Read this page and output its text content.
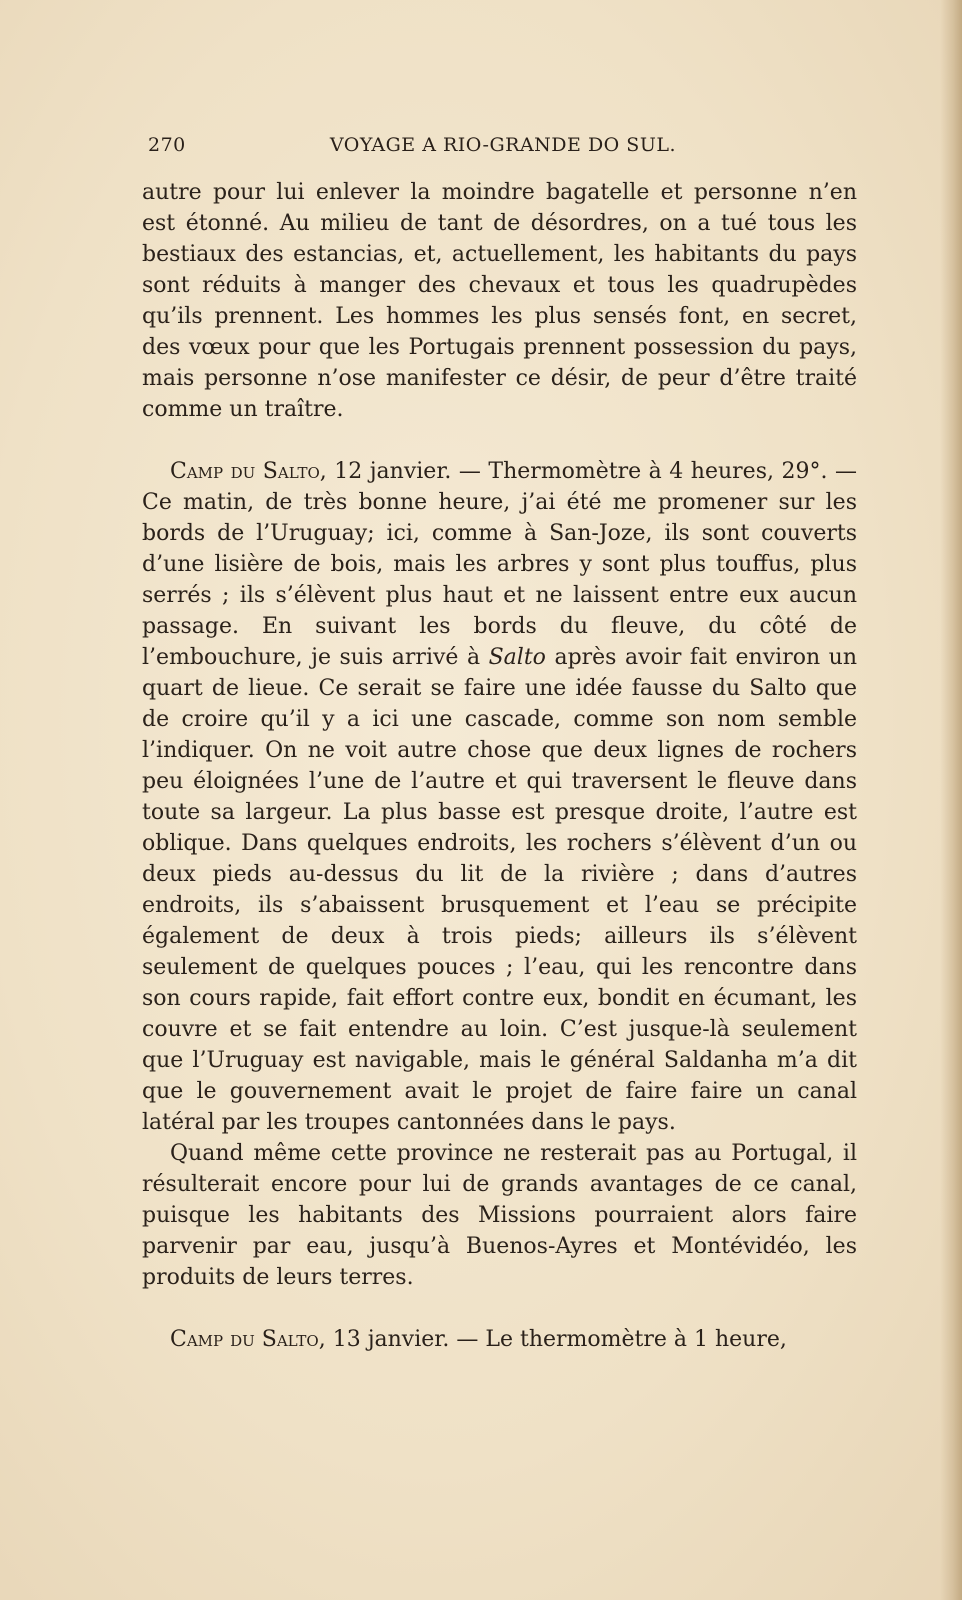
270	VOYAGE A RIO-GRANDE DO SUL.

autre pour lui enlever la moindre bagatelle et personne n’en est étonné. Au milieu de tant de désordres, on a tué tous les bestiaux des estancias, et, actuellement, les habitants du pays sont réduits à manger des chevaux et tous les quadrupèdes qu’ils prennent. Les hommes les plus sensés font, en secret, des vœux pour que les Portugais prennent possession du pays, mais personne n’ose manifester ce désir, de peur d’être traité comme un traître.

Camp du Salto, 12 janvier. — Thermomètre à 4 heures, 29°. — Ce matin, de très bonne heure, j’ai été me promener sur les bords de l’Uruguay; ici, comme à San-Joze, ils sont couverts d’une lisière de bois, mais les arbres y sont plus touffus, plus serrés ; ils s’élèvent plus haut et ne laissent entre eux aucun passage. En suivant les bords du fleuve, du côté de l’embouchure, je suis arrivé à Salto après avoir fait environ un quart de lieue. Ce serait se faire une idée fausse du Salto que de croire qu’il y a ici une cascade, comme son nom semble l’indiquer. On ne voit autre chose que deux lignes de rochers peu éloignées l’une de l’autre et qui traversent le fleuve dans toute sa largeur. La plus basse est presque droite, l’autre est oblique. Dans quelques endroits, les rochers s’élèvent d’un ou deux pieds au-dessus du lit de la rivière ; dans d’autres endroits, ils s’abaissent brusquement et l’eau se précipite également de deux à trois pieds; ailleurs ils s’élèvent seulement de quelques pouces ; l’eau, qui les rencontre dans son cours rapide, fait effort contre eux, bondit en écumant, les couvre et se fait entendre au loin. C’est jusque-là seulement que l’Uruguay est navigable, mais le général Saldanha m’a dit que le gouvernement avait le projet de faire faire un canal latéral par les troupes cantonnées dans le pays.

Quand même cette province ne resterait pas au Portugal, il résulterait encore pour lui de grands avantages de ce canal, puisque les habitants des Missions pourraient alors faire parvenir par eau, jusqu’à Buenos-Ayres et Montévidéo, les produits de leurs terres.

Camp du Salto, 13 janvier. — Le thermomètre à 1 heure,
